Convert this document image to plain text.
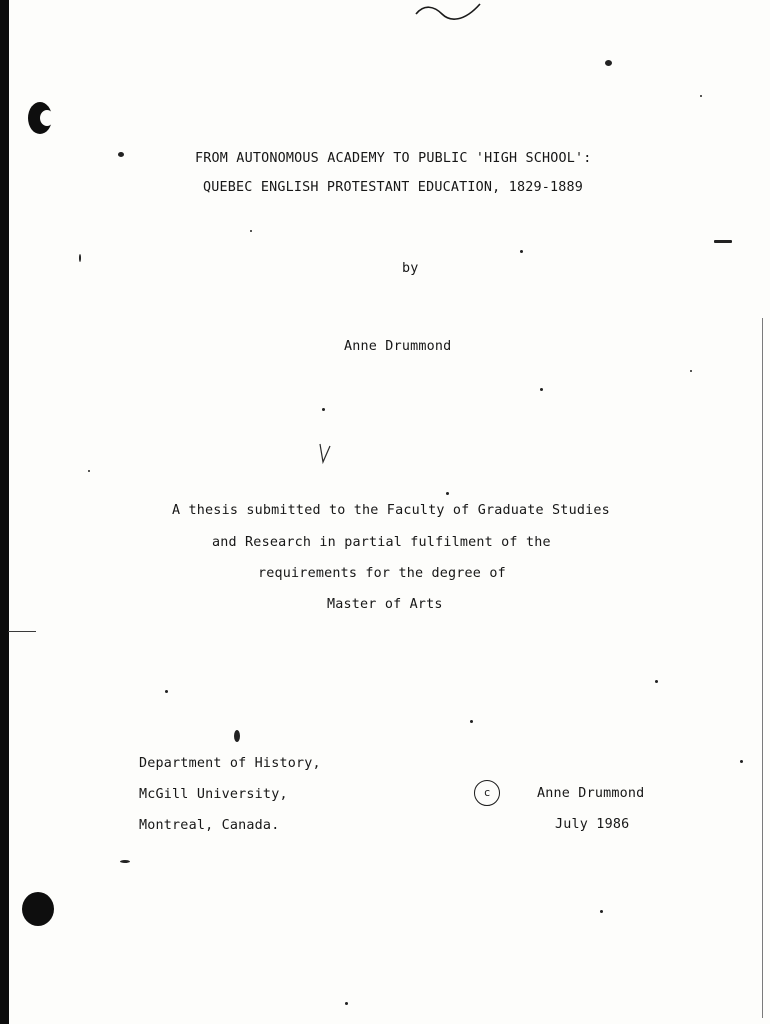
FROM AUTONOMOUS ACADEMY TO PUBLIC 'HIGH SCHOOL':
QUEBEC ENGLISH PROTESTANT EDUCATION, 1829-1889
by
Anne Drummond
A thesis submitted to the Faculty of Graduate Studies
and Research in partial fulfilment of the
requirements for the degree of
Master of Arts
Department of History,
McGill University,
Montreal, Canada.
c	Anne Drummond
July 1986
